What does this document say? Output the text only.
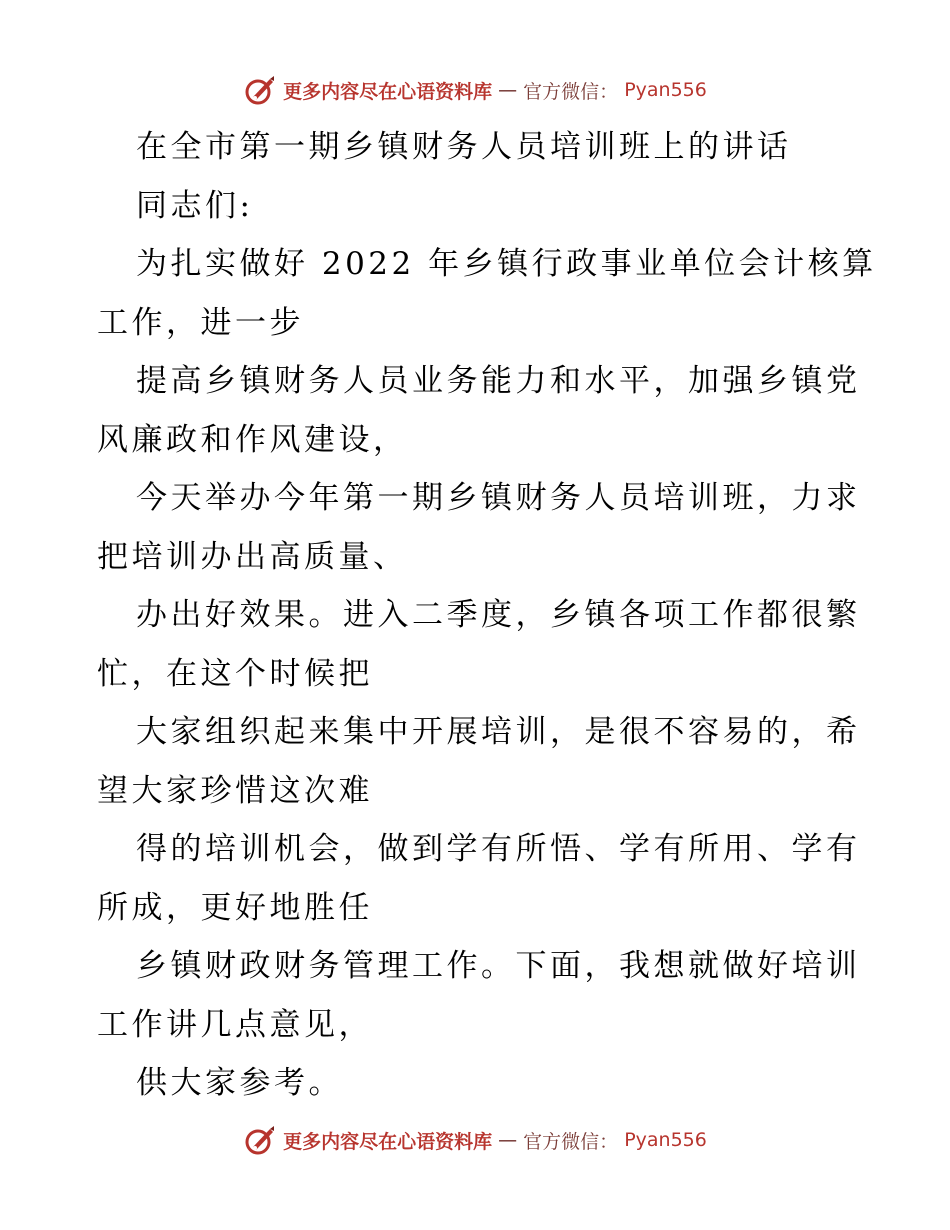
更多内容尽在心语资料库 — 官方微信： Pyan556
在全市第一期乡镇财务人员培训班上的讲话
同志们:
为扎实做好 2022 年乡镇行政事业单位会计核算
工作，进一步
提高乡镇财务人员业务能力和水平，加强乡镇党
风廉政和作风建设，
今天举办今年第一期乡镇财务人员培训班，力求
把培训办出高质量、
办出好效果。进入二季度，乡镇各项工作都很繁
忙，在这个时候把
大家组织起来集中开展培训，是很不容易的，希
望大家珍惜这次难
得的培训机会，做到学有所悟、学有所用、学有
所成，更好地胜任
乡镇财政财务管理工作。下面，我想就做好培训
工作讲几点意见，
供大家参考。
更多内容尽在心语资料库 — 官方微信： Pyan556
